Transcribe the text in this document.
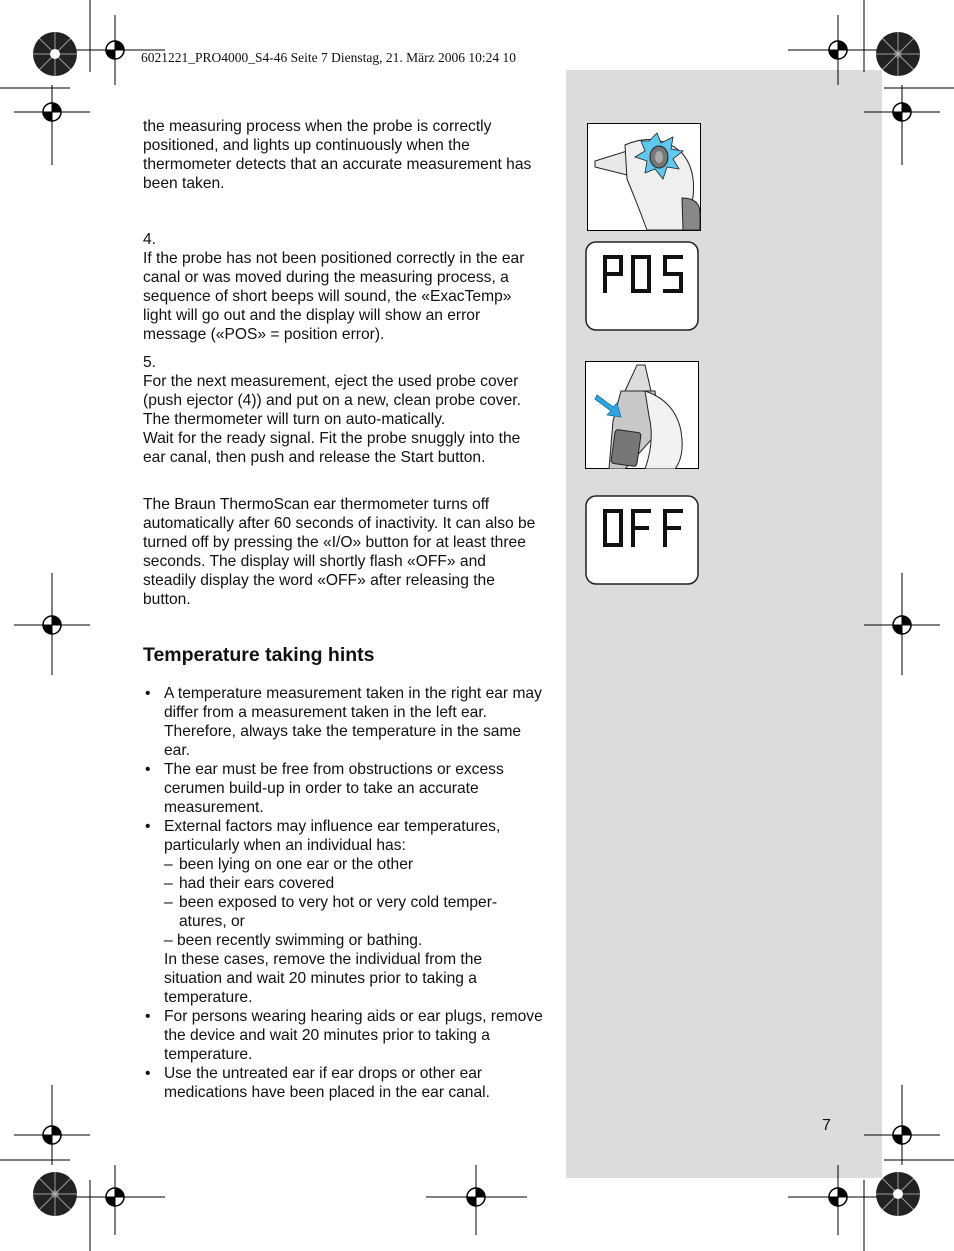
6021221_PRO4000_S4-46 Seite 7 Dienstag, 21. März 2006 10:24 10

the measuring process when the probe is correctly positioned, and lights up continuously when the thermometer detects that an accurate measurement has been taken.

4.

If the probe has not been positioned correctly in the ear canal or was moved during the measuring process, a sequence of short beeps will sound, the «ExacTemp» light will go out and the display will show an error message («POS» = position error).

5.

For the next measurement, eject the used probe cover (push ejector (4)) and put on a new, clean probe cover. The thermometer will turn on auto-matically.

Wait for the ready signal. Fit the probe snuggly into the ear canal, then push and release the Start button.

The Braun ThermoScan ear thermometer turns off automatically after 60 seconds of inactivity. It can also be turned off by pressing the «I/O» button for at least three seconds. The display will shortly flash «OFF» and steadily display the word «OFF» after releasing the button.

Temperature taking hints
• A temperature measurement taken in the right ear may differ from a measurement taken in the left ear. Therefore, always take the temperature in the same ear.
• The ear must be free from obstructions or excess cerumen build-up in order to take an accurate measurement.
• External factors may influence ear temperatures, particularly when an individual has:
– been lying on one ear or the other
– had their ears covered
– been exposed to very hot or very cold temper-atures, or
– been recently swimming or bathing.
In these cases, remove the individual from the situation and wait 20 minutes prior to taking a temperature.
• For persons wearing hearing aids or ear plugs, remove the device and wait 20 minutes prior to taking a temperature.
• Use the untreated ear if ear drops or other ear medications have been placed in the ear canal.
7
